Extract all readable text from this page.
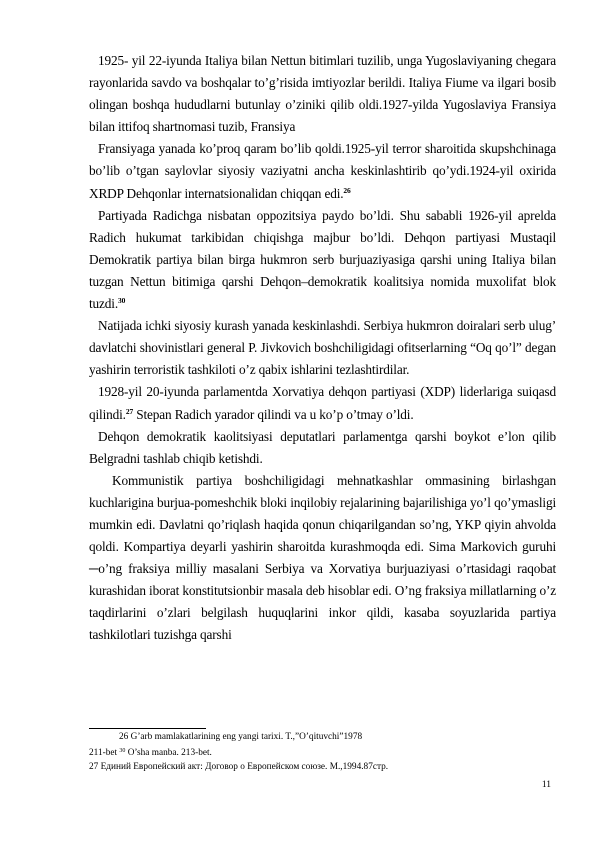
1925- yil 22-iyunda Italiya bilan Nettun bitimlari tuzilib, unga Yugoslaviyaning chegara rayonlarida savdo va boshqalar to’g’risida imtiyozlar berildi. Italiya Fiume va ilgari bosib olingan boshqa hududlarni butunlay o’ziniki qilib oldi.1927-yilda Yugoslaviya Fransiya bilan ittifoq shartnomasi tuzib, Fransiya

Fransiyaga yanada ko’proq qaram bo’lib qoldi.1925-yil terror sharoitida skupshchinaga bo’lib o’tgan saylovlar siyosiy vaziyatni ancha keskinlashtirib qo’ydi.1924-yil oxirida XRDP Dehqonlar internatsionalidan chiqqan edi.$^{26}$

Partiyada Radichga nisbatan oppozitsiya paydo bo’ldi. Shu sababli 1926-yil aprelda Radich hukumat tarkibidan chiqishga majbur bo’ldi. Dehqon partiyasi Mustaqil Demokratik partiya bilan birga hukmron serb burjuaziyasiga qarshi uning Italiya bilan tuzgan Nettun bitimiga qarshi Dehqon–demokratik koalitsiya nomida muxolifat blok tuzdi.$^{30}$

Natijada ichki siyosiy kurash yanada keskinlashdi. Serbiya hukmron doiralari serb ulug’ davlatchi shovinistlari general P. Jivkovich boshchiligidagi ofitserlarning “Oq qo’l” degan yashirin terroristik tashkiloti o’z qabix ishlarini tezlashtirdilar.

1928-yil 20-iyunda parlamentda Xorvatiya dehqon partiyasi (XDP) liderlariga suiqasd qilindi.$^{27}$ Stepan Radich yarador qilindi va u ko’p o’tmay o’ldi.

Dehqon demokratik kaolitsiyasi deputatlari parlamentga qarshi boykot e’lon qilib Belgradni tashlab chiqib ketishdi.

Kommunistik partiya boshchiligidagi mehnatkashlar ommasining birlashgan kuchlarigina burjua-pomeshchik bloki inqilobiy rejalarining bajarilishiga yo’l qo’ymasligi mumkin edi. Davlatni qo’riqlash haqida qonun chiqarilgandan so’ng, YKP qiyin ahvolda qoldi. Kompartiya deyarli yashirin sharoitda kurashmoqda edi. Sima Markovich guruhi ─o’ng fraksiya milliy masalani Serbiya va Xorvatiya burjuaziyasi o’rtasidagi raqobat kurashidan iborat konstitutsionbir masala deb hisoblar edi. O’ng fraksiya millatlarning o’z taqdirlarini o’zlari belgilash huquqlarini inkor qildi, kasaba soyuzlarida partiya tashkilotlari tuzishga qarshi

26 G’arb mamlakatlarining eng yangi tarixi. T.,”O’qituvchi”1978
211-bet $^{30}$ O’sha manba. 213-bet.
27 Единий Европейский акт: Договор о Европейском союзе. М.,1994.87стр.
11
